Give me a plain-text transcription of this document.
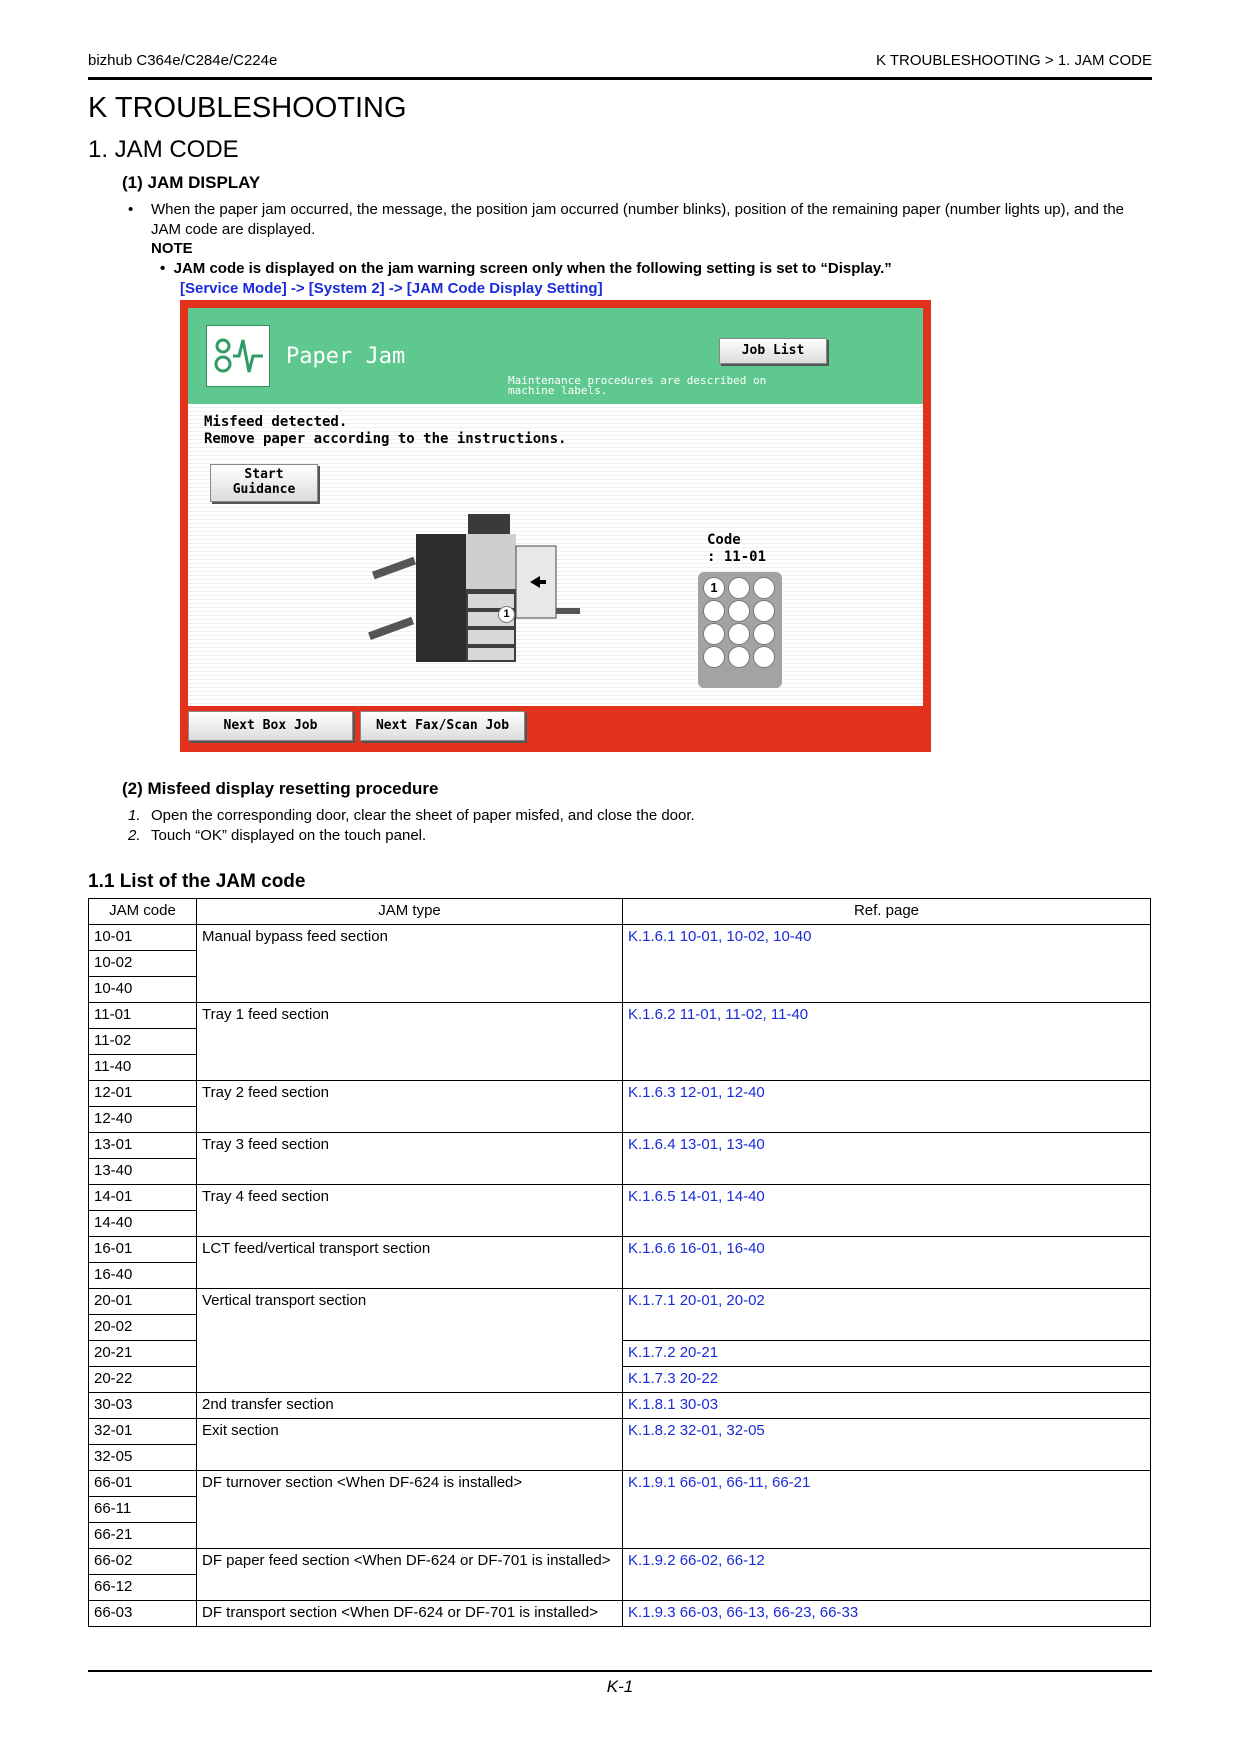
bizhub C364e/C284e/C224e	K TROUBLESHOOTING > 1. JAM CODE
K TROUBLESHOOTING
1. JAM CODE
(1) JAM DISPLAY
• When the paper jam occurred, the message, the position jam occurred (number blinks), position of the remaining paper (number lights up), and the JAM code are displayed.
NOTE
• JAM code is displayed on the jam warning screen only when the following setting is set to “Display.”
[Service Mode] -> [System 2] -> [JAM Code Display Setting]
Paper Jam
Maintenance procedures are described on machine labels.
Job List
Misfeed detected.
Remove paper according to the instructions.
Start Guidance
1
Code
: 11-01
1
Next Box Job	Next Fax/Scan Job
(2) Misfeed display resetting procedure
1. Open the corresponding door, clear the sheet of paper misfed, and close the door.
2. Touch “OK” displayed on the touch panel.
1.1 List of the JAM code
JAM code	JAM type	Ref. page
10-01	Manual bypass feed section	K.1.6.1 10-01, 10-02, 10-40
10-02		
10-40		
11-01	Tray 1 feed section	K.1.6.2 11-01, 11-02, 11-40
11-02		
11-40		
12-01	Tray 2 feed section	K.1.6.3 12-01, 12-40
12-40		
13-01	Tray 3 feed section	K.1.6.4 13-01, 13-40
13-40		
14-01	Tray 4 feed section	K.1.6.5 14-01, 14-40
14-40		
16-01	LCT feed/vertical transport section	K.1.6.6 16-01, 16-40
16-40		
20-01	Vertical transport section	K.1.7.1 20-01, 20-02
20-02		
20-21		K.1.7.2 20-21
20-22		K.1.7.3 20-22
30-03	2nd transfer section	K.1.8.1 30-03
32-01	Exit section	K.1.8.2 32-01, 32-05
32-05		
66-01	DF turnover section <When DF-624 is installed>	K.1.9.1 66-01, 66-11, 66-21
66-11		
66-21		
66-02	DF paper feed section <When DF-624 or DF-701 is installed>	K.1.9.2 66-02, 66-12
66-12		
66-03	DF transport section <When DF-624 or DF-701 is installed>	K.1.9.3 66-03, 66-13, 66-23, 66-33
K-1
